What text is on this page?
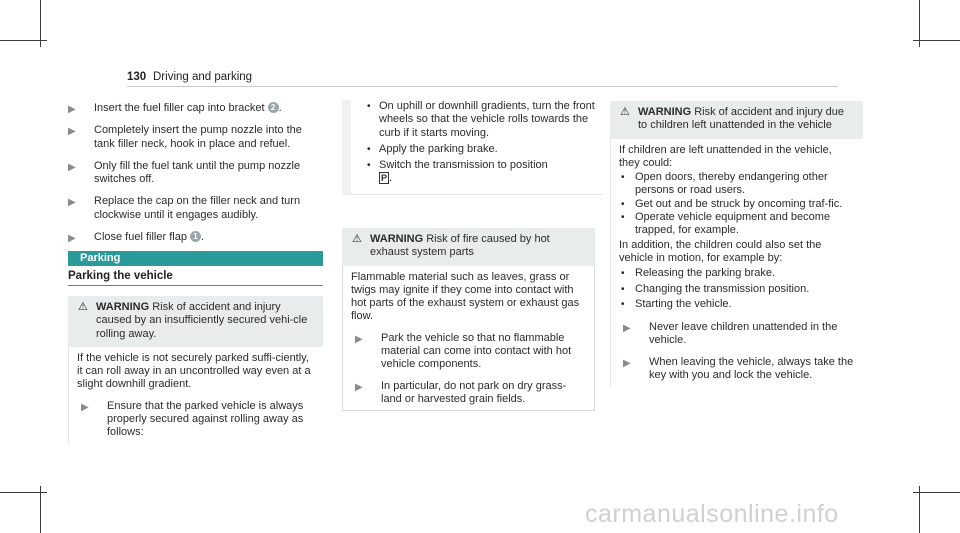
130 Driving and parking
▶ Insert the fuel filler cap into bracket 2 .
▶ Completely insert the pump nozzle into the tank filler neck, hook in place and refuel.
▶ Only fill the fuel tank until the pump nozzle switches off.
▶ Replace the cap on the filler neck and turn clockwise until it engages audibly.
▶ Close fuel filler flap 1 .
Parking
Parking the vehicle
⚠ WARNING Risk of accident and injury caused by an insufficiently secured vehi-cle rolling away.
If the vehicle is not securely parked suffi-ciently, it can roll away in an uncontrolled way even at a slight downhill gradient.
▶ Ensure that the parked vehicle is always properly secured against rolling away as follows:
• On uphill or downhill gradients, turn the front wheels so that the vehicle rolls towards the curb if it starts moving.
• Apply the parking brake.
• Switch the transmission to position
P .
⚠ WARNING Risk of fire caused by hot exhaust system parts
Flammable material such as leaves, grass or twigs may ignite if they come into contact with hot parts of the exhaust system or exhaust gas flow.
▶ Park the vehicle so that no flammable material can come into contact with hot vehicle components.
▶ In particular, do not park on dry grass-land or harvested grain fields.
⚠ WARNING Risk of accident and injury due to children left unattended in the vehicle
If children are left unattended in the vehicle, they could:
• Open doors, thereby endangering other persons or road users.
• Get out and be struck by oncoming traf-fic.
• Operate vehicle equipment and become trapped, for example.
In addition, the children could also set the vehicle in motion, for example by:
• Releasing the parking brake.
• Changing the transmission position.
• Starting the vehicle.
▶ Never leave children unattended in the vehicle.
▶ When leaving the vehicle, always take the key with you and lock the vehicle.
carmanualsonline.info
